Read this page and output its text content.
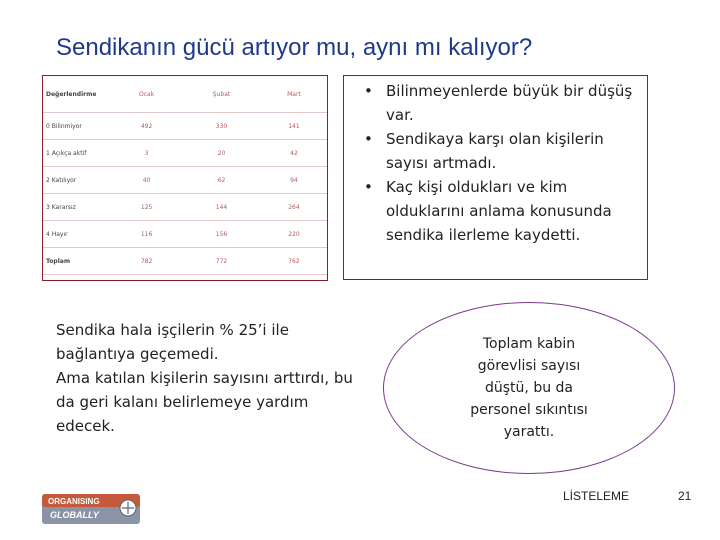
Sendikanın gücü artıyor mu, aynı mı kalıyor?
Değerlendirme	Ocak	Şubat	Mart
0 Bilinmiyor	492	330	141
1 Açıkça aktif	3	20	42
2 Katılıyor	40	62	94
3 Kararsız	125	144	264
4 Hayır	116	156	220
Toplam	782	772	762
• Bilinmeyenlerde büyük bir düşüş var.
• Sendikaya karşı olan kişilerin sayısı artmadı.
• Kaç kişi oldukları ve kim olduklarını anlama konusunda sendika ilerleme kaydetti.

Sendika hala işçilerin % 25’i ile bağlantıya geçemedi.

Ama katılan kişilerin sayısını arttırdı, bu da geri kalanı belirlemeye yardım edecek.

Toplam kabin görevlisi sayısı düştü, bu da personel sıkıntısı yarattı.
ORGANISING
GLOBALLY
LİSTELEME	21
